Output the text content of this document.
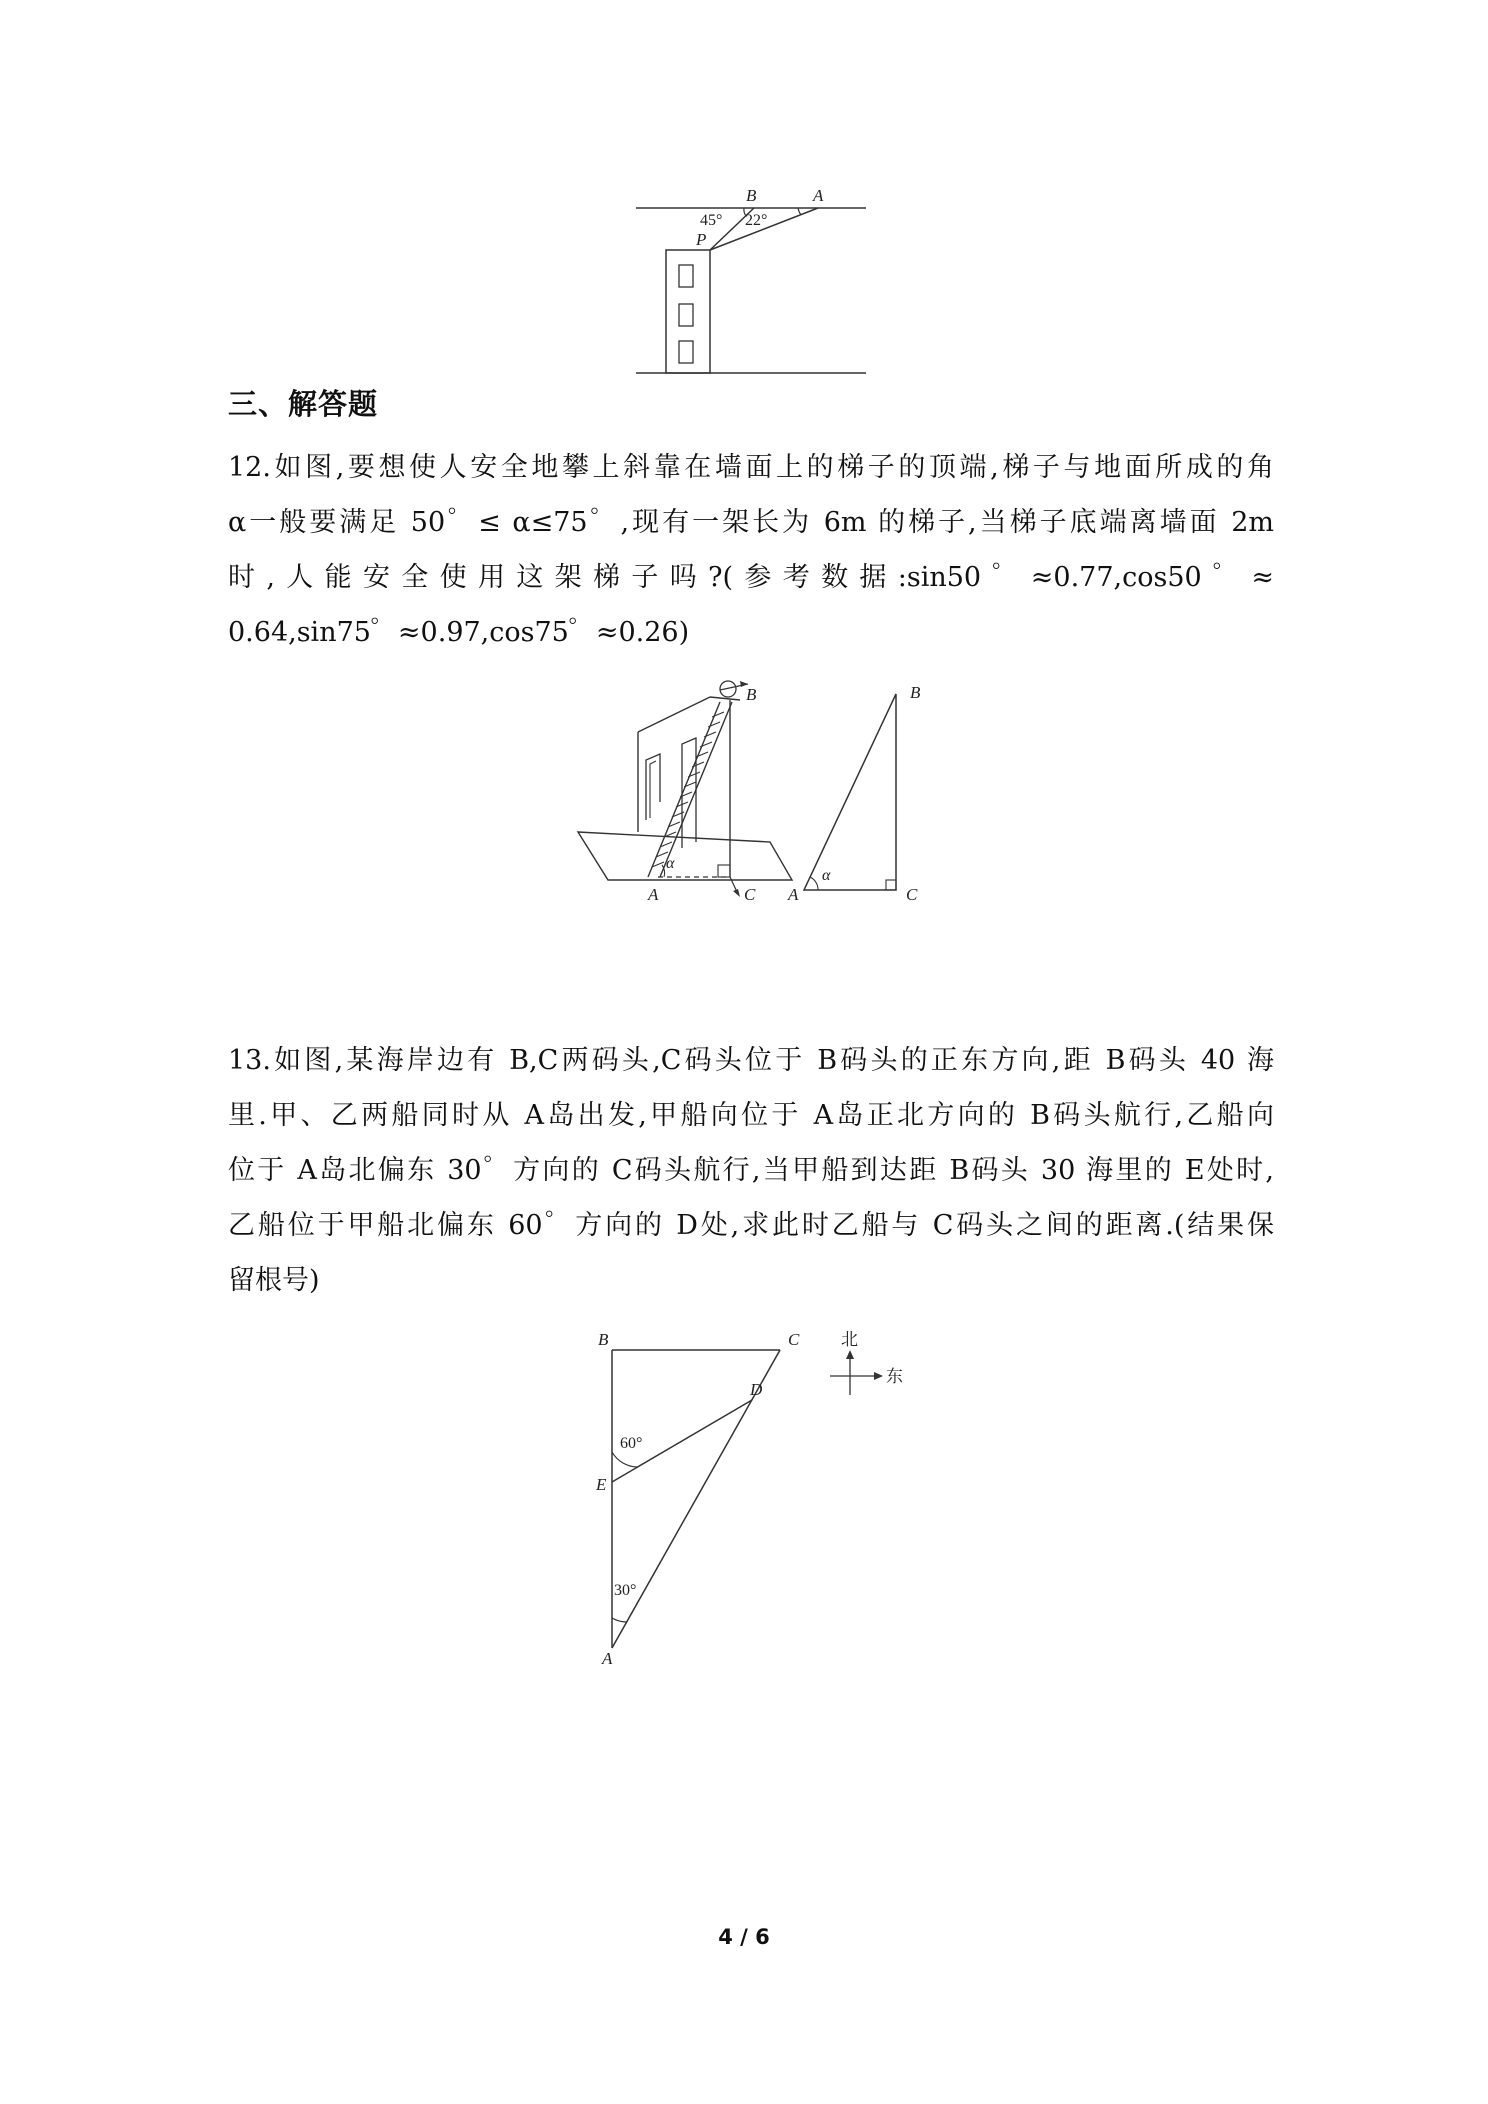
B	A
P
45° 22°
三、解答题
12.如图,要想使人安全地攀上斜靠在墙面上的梯子的顶端,梯子与地面所成的角
α一般要满足 50゜≤ α≤75゜,现有一架长为 6m 的梯子,当梯子底端离墙面 2m
时,人能安全使用这架梯子吗?(参考数据:sin50゜≈0.77,cos50゜≈
0.64,sin75゜≈0.97,cos75゜≈0.26)
B
A	C
α
B
A	C
α
13.如图,某海岸边有 B,C两码头,C码头位于 B码头的正东方向,距 B码头 40 海
里.甲、乙两船同时从 A岛出发,甲船向位于 A岛正北方向的 B码头航行,乙船向
位于 A岛北偏东 30゜方向的 C码头航行,当甲船到达距 B码头 30 海里的 E处时,
乙船位于甲船北偏东 60゜方向的 D处,求此时乙船与 C码头之间的距离.(结果保
留根号)
B	C
D
E
A
60°
30°
北
东
4 / 6
